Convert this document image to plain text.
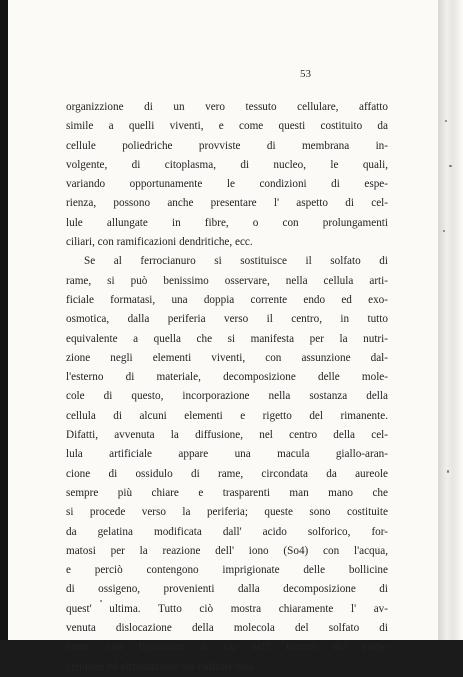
53
organizzione di un vero tessuto cellulare, affatto
simile a quelli viventi, e come questi costituito da
cellule poliedriche provviste di membrana in-
volgente, di citoplasma, di nucleo, le quali,
variando opportunamente le condizioni di espe-
rienza, possono anche presentare l' aspetto di cel-
lule allungate in fibre, o con prolungamenti
ciliari, con ramificazioni dendritiche, ecc.
Se al ferrocianuro si sostituisce il solfato di
rame, si può benissimo osservare, nella cellula arti-
ficiale formatasi, una doppia corrente endo ed exo-
osmotica, dalla periferia verso il centro, in tutto
equivalente a quella che si manifesta per la nutri-
zione negli elementi viventi, con assunzione dal-
l'esterno di materiale, decomposizione delle mole-
cole di questo, incorporazione nella sostanza della
cellula di alcuni elementi e rigetto del rimanente.
Difatti, avvenuta la diffusione, nel centro della cel-
lula artificiale appare una macula giallo-aran-
cione di ossidulo di rame, circondata da aureole
sempre più chiare e trasparenti man mano che
si procede verso la periferia; queste sono costituite
da gelatina modificata dall' acido solforico, for-
matosi per la reazione dell' iono (So4) con l'acqua,
e perciò contengono imprigionate delle bollicine
di ossigeno, provenienti dalla decomposizione di
quest' ultima. Tutto ciò mostra chiaramente l' av-
venuta dislocazione della molecola del solfato di
rame, con fissazione di Cu nell' interno del corpo
cellulare ed eliminazione del radicale So4.
